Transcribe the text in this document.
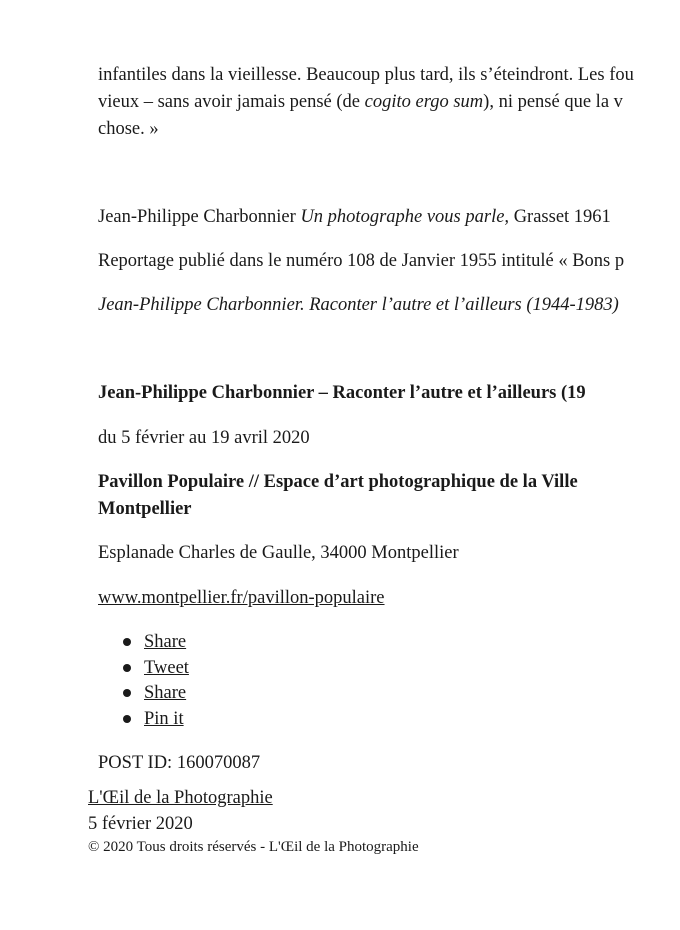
infantiles dans la vieillesse. Beaucoup plus tard, ils s’éteindront. Les fou
vieux – sans avoir jamais pensé (de cogito ergo sum), ni pensé que la v
chose. »
Jean-Philippe Charbonnier Un photographe vous parle, Grasset 1961
Reportage publié dans le numéro 108 de Janvier 1955 intitulé « Bons p
Jean-Philippe Charbonnier. Raconter l’autre et l’ailleurs (1944-1983)
Jean-Philippe Charbonnier – Raconter l’autre et l’ailleurs (19
du 5 février au 19 avril 2020
Pavillon Populaire // Espace d’art photographique de la Ville
Montpellier
Esplanade Charles de Gaulle, 34000 Montpellier
www.montpellier.fr/pavillon-populaire
Share
Tweet
Share
Pin it
POST ID: 160070087
L'Œil de la Photographie
5 février 2020
© 2020 Tous droits réservés - L'Œil de la Photographie
